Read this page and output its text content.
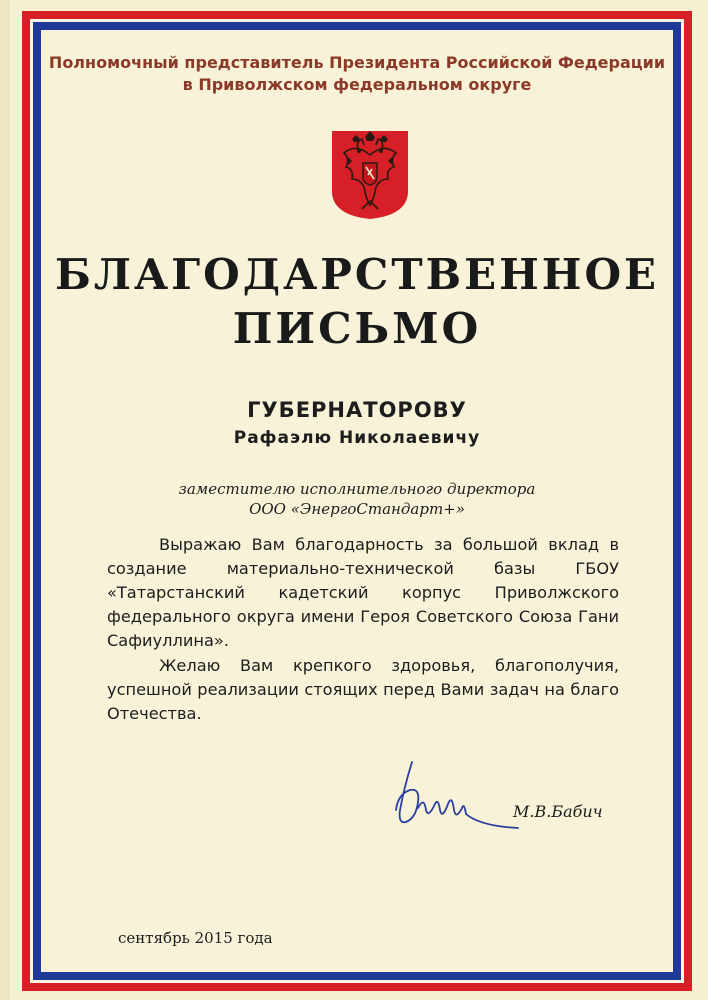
Полномочный представитель Президента Российской Федерации
в Приволжском федеральном округе
БЛАГОДАРСТВЕННОЕ
ПИСЬМО
ГУБЕРНАТОРОВУ
Рафаэлю Николаевичу
заместителю исполнительного директора
ООО «ЭнергоСтандарт+»

Выражаю Вам благодарность за большой вклад в создание материально-технической базы ГБОУ «Татарстанский кадетский корпус Приволжского федерального округа имени Героя Советского Союза Гани Сафиуллина».

Желаю Вам крепкого здоровья, благополучия, успешной реализации стоящих перед Вами задач на благо Отечества.

М.В.Бабич
сентябрь 2015 года
